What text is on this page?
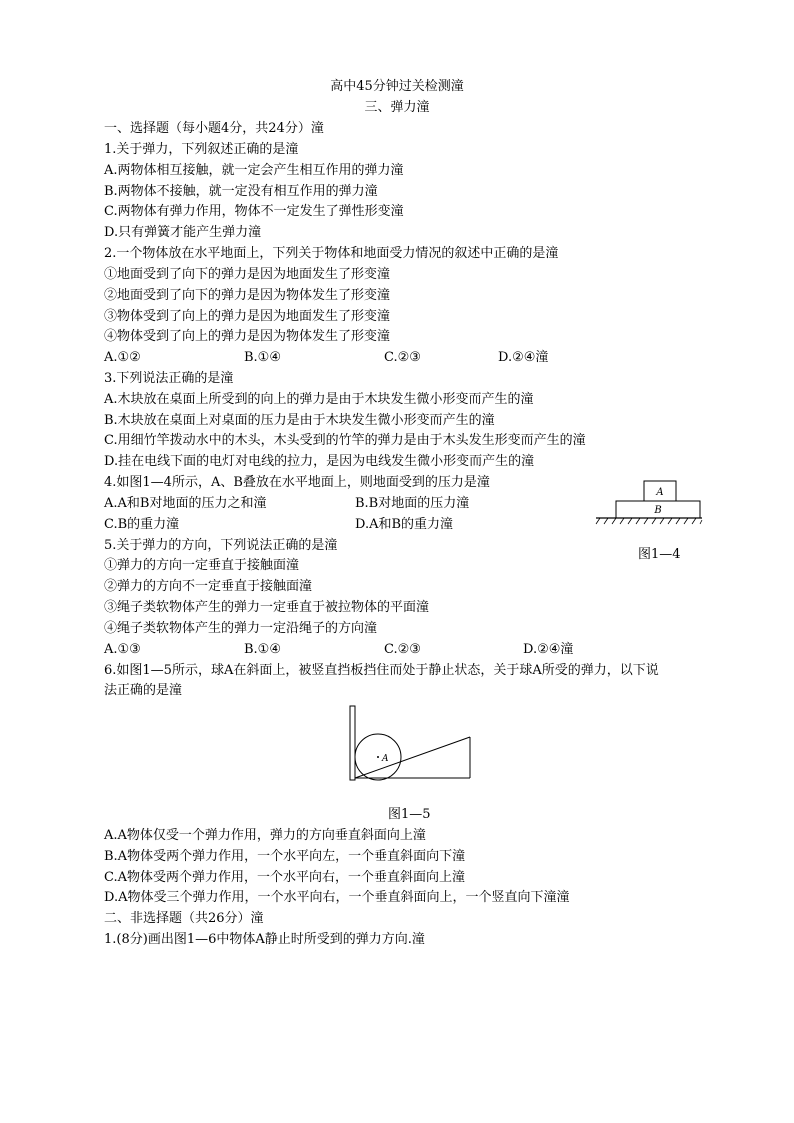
高中45分钟过关检测潼
三、弹力潼
一、选择题（每小题4分，共24分）潼
1.关于弹力，下列叙述正确的是潼
A.两物体相互接触，就一定会产生相互作用的弹力潼
B.两物体不接触，就一定没有相互作用的弹力潼
C.两物体有弹力作用，物体不一定发生了弹性形变潼
D.只有弹簧才能产生弹力潼
2.一个物体放在水平地面上，下列关于物体和地面受力情况的叙述中正确的是潼
①地面受到了向下的弹力是因为地面发生了形变潼
②地面受到了向下的弹力是因为物体发生了形变潼
③物体受到了向上的弹力是因为地面发生了形变潼
④物体受到了向上的弹力是因为物体发生了形变潼
A.①②	B.①④	C.②③	D.②④潼
3.下列说法正确的是潼
A.木块放在桌面上所受到的向上的弹力是由于木块发生微小形变而产生的潼
B.木块放在桌面上对桌面的压力是由于木块发生微小形变而产生的潼
C.用细竹竿拨动水中的木头，木头受到的竹竿的弹力是由于木头发生形变而产生的潼
D.挂在电线下面的电灯对电线的拉力，是因为电线发生微小形变而产生的潼
4.如图1—4所示，A、B叠放在水平地面上，则地面受到的压力是潼
A.A和B对地面的压力之和潼	B.B对地面的压力潼
C.B的重力潼	D.A和B的重力潼
A
B
图1—4
5.关于弹力的方向，下列说法正确的是潼
①弹力的方向一定垂直于接触面潼
②弹力的方向不一定垂直于接触面潼
③绳子类软物体产生的弹力一定垂直于被拉物体的平面潼
④绳子类软物体产生的弹力一定沿绳子的方向潼
A.①③	B.①④	C.②③	D.②④潼
6.如图1—5所示，球A在斜面上，被竖直挡板挡住而处于静止状态，关于球A所受的弹力，以下说
法正确的是潼
A
图1—5
A.A物体仅受一个弹力作用，弹力的方向垂直斜面向上潼
B.A物体受两个弹力作用，一个水平向左，一个垂直斜面向下潼
C.A物体受两个弹力作用，一个水平向右，一个垂直斜面向上潼
D.A物体受三个弹力作用，一个水平向右，一个垂直斜面向上，一个竖直向下潼潼
二、非选择题（共26分）潼
1.(8分)画出图1—6中物体A静止时所受到的弹力方向.潼
